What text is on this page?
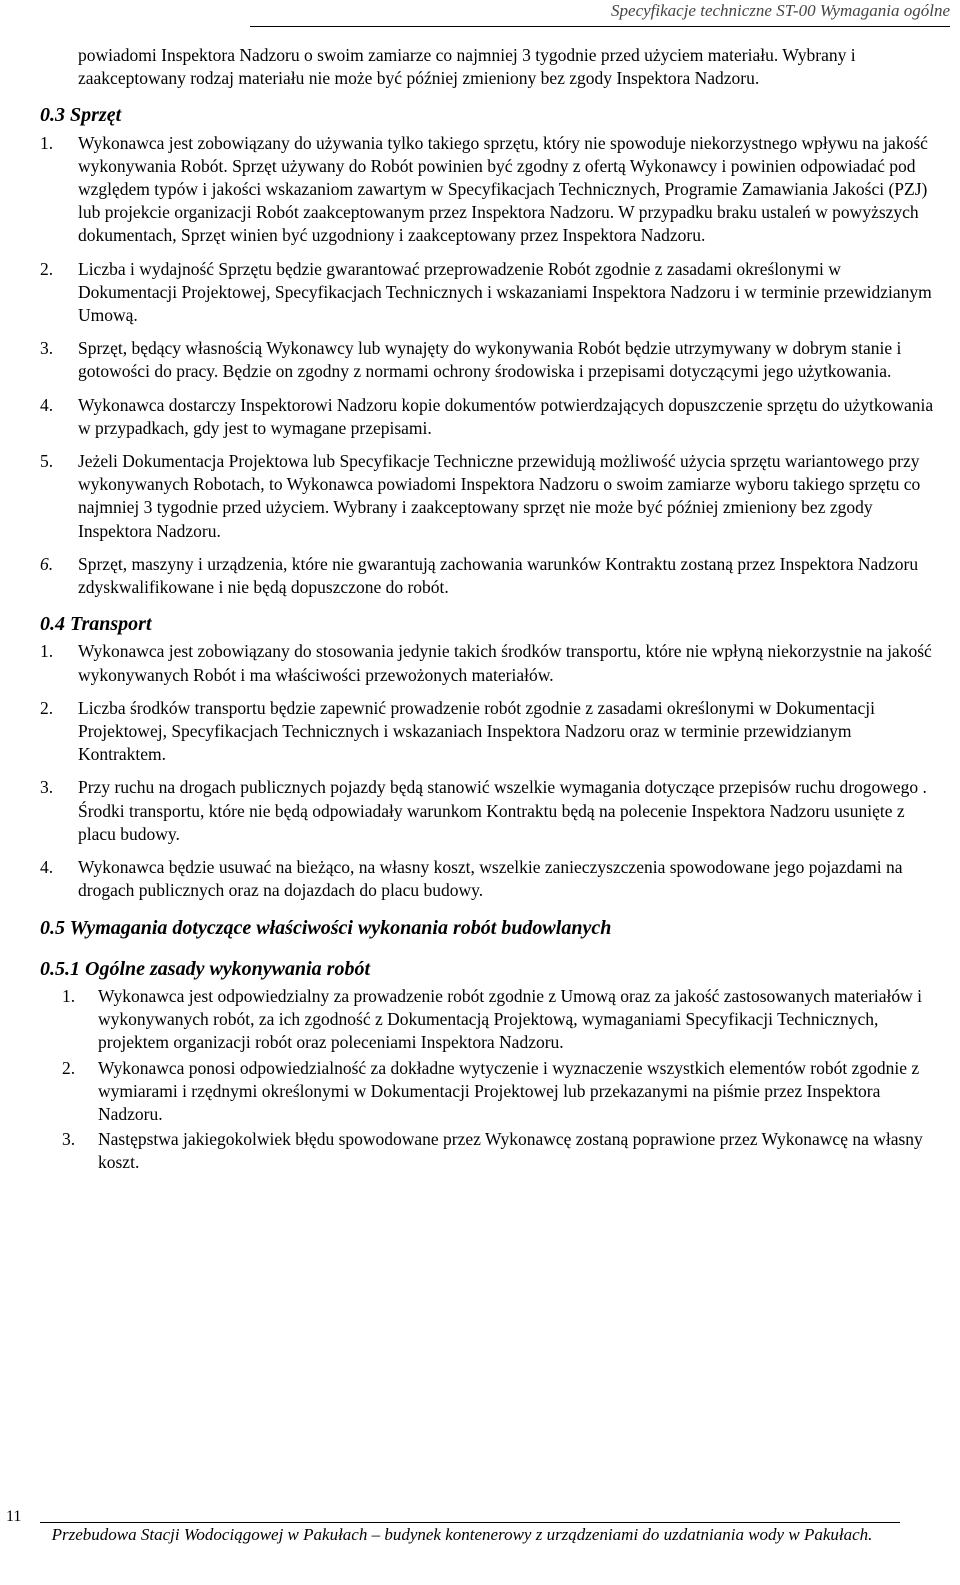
Specyfikacje techniczne ST-00 Wymagania ogólne

powiadomi Inspektora Nadzoru o swoim zamiarze co najmniej 3 tygodnie przed użyciem materiału. Wybrany i zaakceptowany rodzaj materiału nie może być później zmieniony bez zgody Inspektora Nadzoru.

0.3 Sprzęt
1.	Wykonawca jest zobowiązany do używania tylko takiego sprzętu, który nie spowoduje niekorzystnego wpływu na jakość wykonywania Robót. Sprzęt używany do Robót powinien być zgodny z ofertą Wykonawcy i powinien odpowiadać pod względem typów i jakości wskazaniom zawartym w Specyfikacjach Technicznych, Programie Zamawiania Jakości (PZJ) lub projekcie organizacji Robót zaakceptowanym przez Inspektora Nadzoru. W przypadku braku ustaleń w powyższych dokumentach, Sprzęt winien być uzgodniony i zaakceptowany przez Inspektora Nadzoru.
2.	Liczba i wydajność Sprzętu będzie gwarantować przeprowadzenie Robót zgodnie z zasadami określonymi w Dokumentacji Projektowej, Specyfikacjach Technicznych i wskazaniami Inspektora Nadzoru i w terminie przewidzianym Umową.
3.	Sprzęt, będący własnością Wykonawcy lub wynajęty do wykonywania Robót będzie utrzymywany w dobrym stanie i gotowości do pracy. Będzie on zgodny z normami ochrony środowiska i przepisami dotyczącymi jego użytkowania.
4.	Wykonawca dostarczy Inspektorowi Nadzoru kopie dokumentów potwierdzających dopuszczenie sprzętu do użytkowania w przypadkach, gdy jest to wymagane przepisami.
5.	Jeżeli Dokumentacja Projektowa lub Specyfikacje Techniczne przewidują możliwość użycia sprzętu wariantowego przy wykonywanych Robotach, to Wykonawca powiadomi Inspektora Nadzoru o swoim zamiarze wyboru takiego sprzętu co najmniej 3 tygodnie przed użyciem. Wybrany i zaakceptowany sprzęt nie może być później zmieniony bez zgody Inspektora Nadzoru.
6.	Sprzęt, maszyny i urządzenia, które nie gwarantują zachowania warunków Kontraktu zostaną przez Inspektora Nadzoru zdyskwalifikowane i nie będą dopuszczone do robót.
0.4 Transport
1.	Wykonawca jest zobowiązany do stosowania jedynie takich środków transportu, które nie wpłyną niekorzystnie na jakość wykonywanych Robót i ma właściwości przewożonych materiałów.
2.	Liczba środków transportu będzie zapewnić prowadzenie robót zgodnie z zasadami określonymi w Dokumentacji Projektowej, Specyfikacjach Technicznych i wskazaniach Inspektora Nadzoru oraz w terminie przewidzianym Kontraktem.
3.	Przy ruchu na drogach publicznych pojazdy będą stanowić wszelkie wymagania dotyczące przepisów ruchu drogowego . Środki transportu, które nie będą odpowiadały warunkom Kontraktu będą na polecenie Inspektora Nadzoru usunięte z placu budowy.
4.	Wykonawca będzie usuwać na bieżąco, na własny koszt, wszelkie zanieczyszczenia spowodowane jego pojazdami na drogach publicznych oraz na dojazdach do placu budowy.
0.5 Wymagania dotyczące właściwości wykonania robót budowlanych
0.5.1 Ogólne zasady wykonywania robót
1.	Wykonawca jest odpowiedzialny za prowadzenie robót zgodnie z Umową oraz za jakość zastosowanych materiałów i wykonywanych robót, za ich zgodność z Dokumentacją Projektową, wymaganiami Specyfikacji Technicznych, projektem organizacji robót oraz poleceniami Inspektora Nadzoru.
2.	Wykonawca ponosi odpowiedzialność za dokładne wytyczenie i wyznaczenie wszystkich elementów robót zgodnie z wymiarami i rzędnymi określonymi w Dokumentacji Projektowej lub przekazanymi na piśmie przez Inspektora Nadzoru.
3.	Następstwa jakiegokolwiek błędu spowodowane przez Wykonawcę zostaną poprawione przez Wykonawcę na własny koszt.
11
Przebudowa Stacji Wodociągowej w Pakułach – budynek kontenerowy z urządzeniami do uzdatniania wody w Pakułach.
